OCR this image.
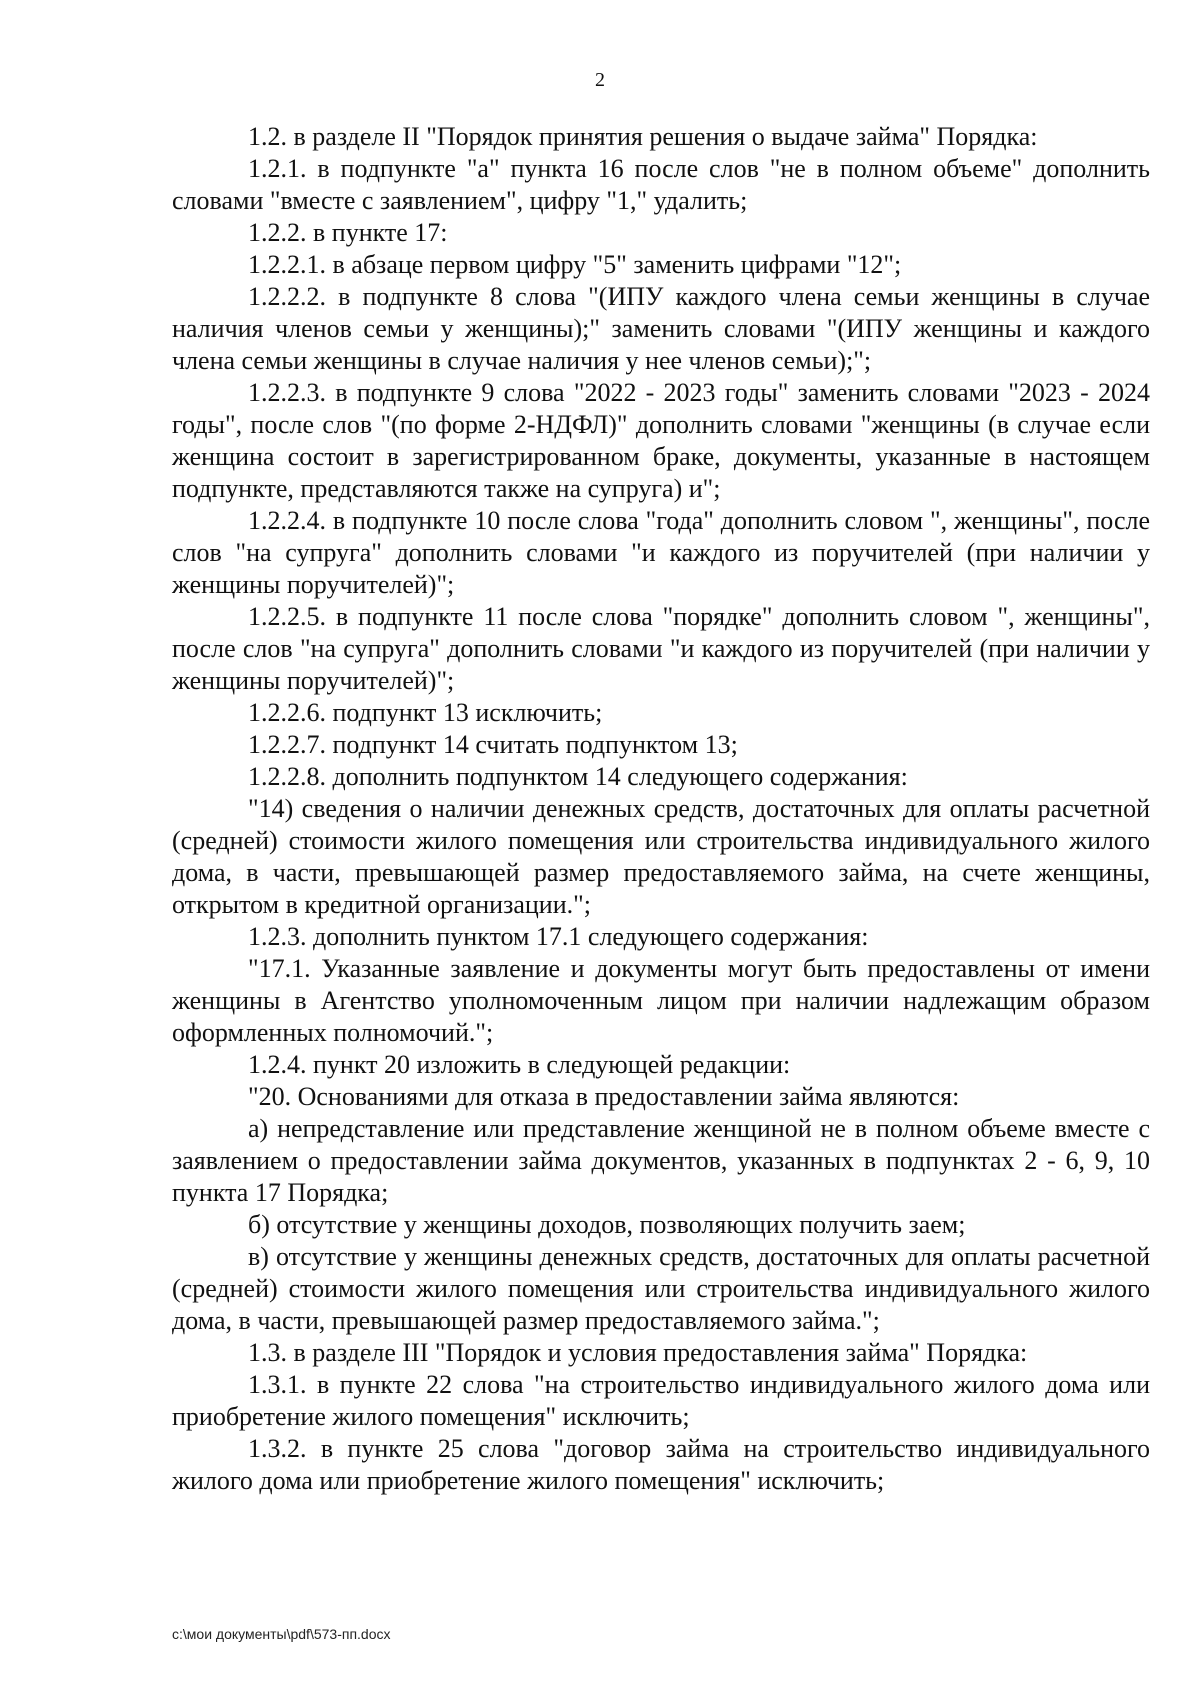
2

1.2. в разделе II "Порядок принятия решения о выдаче займа" Порядка:

1.2.1. в подпункте "а" пункта 16 после слов "не в полном объеме" дополнить словами "вместе с заявлением", цифру "1," удалить;

1.2.2. в пункте 17:

1.2.2.1. в абзаце первом цифру "5" заменить цифрами "12";

1.2.2.2. в подпункте 8 слова "(ИПУ каждого члена семьи женщины в случае наличия членов семьи у женщины);" заменить словами "(ИПУ женщины и каждого члена семьи женщины в случае наличия у нее членов семьи);";

1.2.2.3. в подпункте 9 слова "2022 - 2023 годы" заменить словами "2023 - 2024 годы", после слов "(по форме 2-НДФЛ)" дополнить словами "женщины (в случае если женщина состоит в зарегистрированном браке, документы, указанные в настоящем подпункте, представляются также на супруга) и";

1.2.2.4. в подпункте 10 после слова "года" дополнить словом ", женщины", после слов "на супруга" дополнить словами "и каждого из поручителей (при наличии у женщины поручителей)";

1.2.2.5. в подпункте 11 после слова "порядке" дополнить словом ", женщины", после слов "на супруга" дополнить словами "и каждого из поручителей (при наличии у женщины поручителей)";

1.2.2.6. подпункт 13 исключить;

1.2.2.7. подпункт 14 считать подпунктом 13;

1.2.2.8. дополнить подпунктом 14 следующего содержания:

"14) сведения о наличии денежных средств, достаточных для оплаты расчетной (средней) стоимости жилого помещения или строительства индивидуального жилого дома, в части, превышающей размер предоставляемого займа, на счете женщины, открытом в кредитной организации.";

1.2.3. дополнить пунктом 17.1 следующего содержания:

"17.1. Указанные заявление и документы могут быть предоставлены от имени женщины в Агентство уполномоченным лицом при наличии надлежащим образом оформленных полномочий.";

1.2.4. пункт 20 изложить в следующей редакции:

"20. Основаниями для отказа в предоставлении займа являются:

а) непредставление или представление женщиной не в полном объеме вместе с заявлением о предоставлении займа документов, указанных в подпунктах 2 - 6, 9, 10 пункта 17 Порядка;

б) отсутствие у женщины доходов, позволяющих получить заем;

в) отсутствие у женщины денежных средств, достаточных для оплаты расчетной (средней) стоимости жилого помещения или строительства индивидуального жилого дома, в части, превышающей размер предоставляемого займа.";

1.3. в разделе III "Порядок и условия предоставления займа" Порядка:

1.3.1. в пункте 22 слова "на строительство индивидуального жилого дома или приобретение жилого помещения" исключить;

1.3.2. в пункте 25 слова "договор займа на строительство индивидуального жилого дома или приобретение жилого помещения" исключить;

c:\мои документы\pdf\573-пп.docx
